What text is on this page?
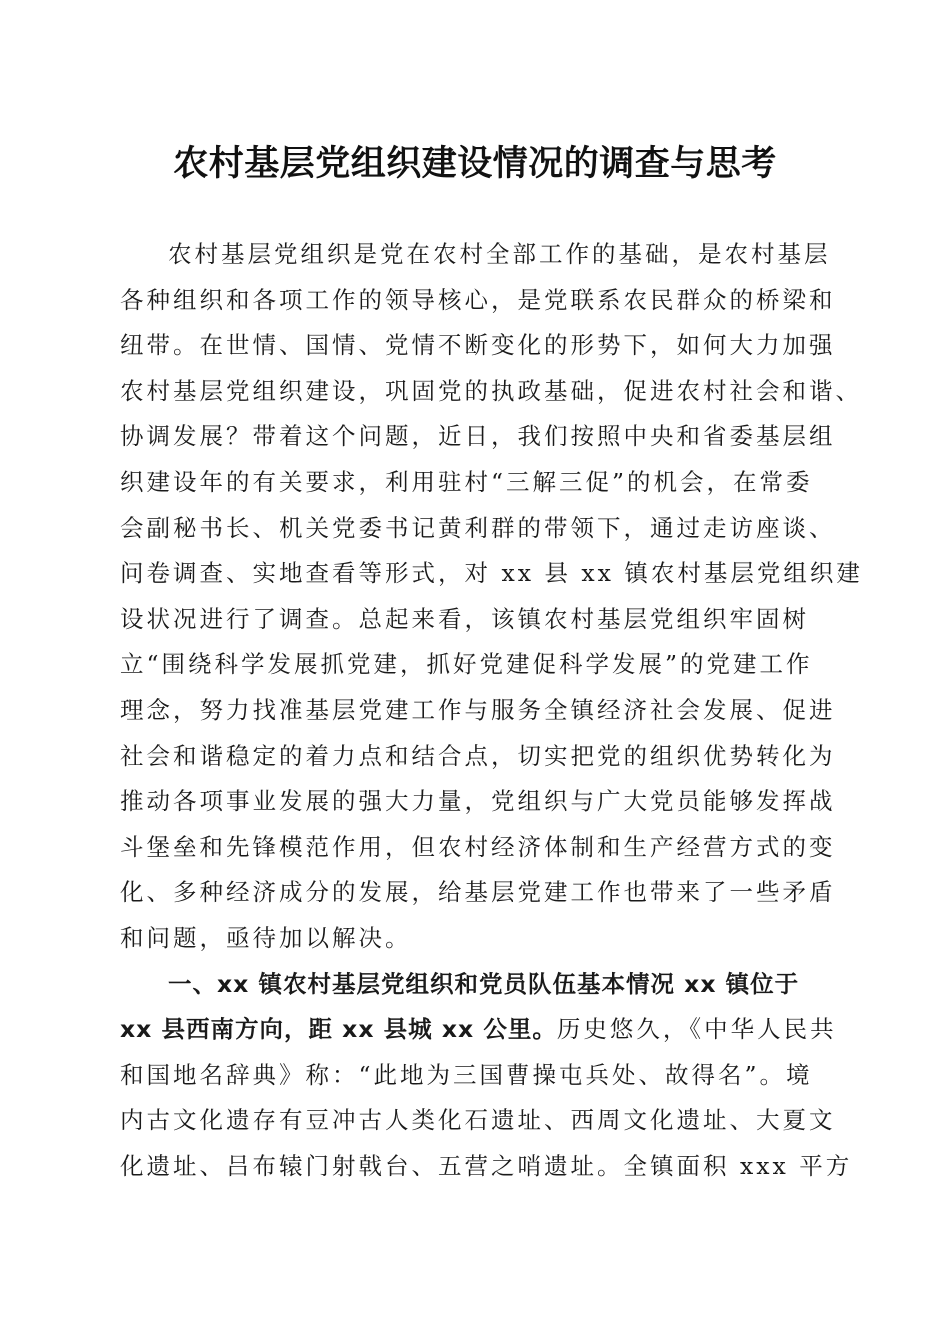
农村基层党组织建设情况的调查与思考
农村基层党组织是党在农村全部工作的基础，是农村基层
各种组织和各项工作的领导核心，是党联系农民群众的桥梁和
纽带。在世情、国情、党情不断变化的形势下，如何大力加强
农村基层党组织建设，巩固党的执政基础，促进农村社会和谐、
协调发展？带着这个问题，近日，我们按照中央和省委基层组
织建设年的有关要求，利用驻村“三解三促”的机会，在常委
会副秘书长、机关党委书记黄利群的带领下，通过走访座谈、
问卷调查、实地查看等形式，对 xx 县 xx 镇农村基层党组织建
设状况进行了调查。总起来看，该镇农村基层党组织牢固树
立“围绕科学发展抓党建，抓好党建促科学发展”的党建工作
理念，努力找准基层党建工作与服务全镇经济社会发展、促进
社会和谐稳定的着力点和结合点，切实把党的组织优势转化为
推动各项事业发展的强大力量，党组织与广大党员能够发挥战
斗堡垒和先锋模范作用，但农村经济体制和生产经营方式的变
化、多种经济成分的发展，给基层党建工作也带来了一些矛盾
和问题，亟待加以解决。
一、xx 镇农村基层党组织和党员队伍基本情况 xx 镇位于
xx 县西南方向，距 xx 县城 xx 公里。历史悠久，《中华人民共
和国地名辞典》称：“此地为三国曹操屯兵处、故得名”。境
内古文化遗存有豆冲古人类化石遗址、西周文化遗址、大夏文
化遗址、吕布辕门射戟台、五营之哨遗址。全镇面积 xxx 平方
